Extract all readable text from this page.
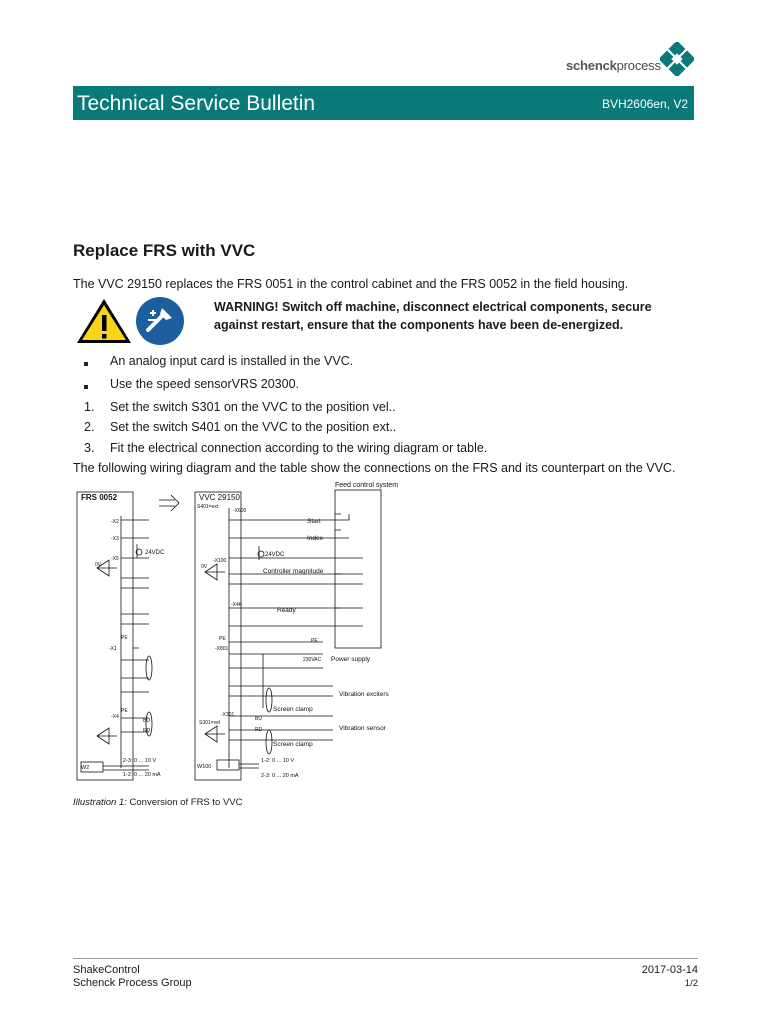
schenckprocess
Technical Service Bulletin	BVH2606en, V2
Replace FRS with VVC
The VVC 29150 replaces the FRS 0051 in the control cabinet and the FRS 0052 in the field housing.
WARNING! Switch off machine, disconnect electrical components, secure against restart, ensure that the components have been de-energized.
An analog input card is installed in the VVC.
Use the speed sensorVRS 20300.
1. Set the switch S301 on the VVC to the position vel..
2. Set the switch S401 on the VVC to the position ext..
3. Fit the electrical connection according to the wiring diagram or table.
The following wiring diagram and the table show the connections on the FRS and its counterpart on the VVC.
FRS 0052	VVC 29150
S401=ext
Feed control system
-X2
-X3
-X5
-X600
-X100
Start
Index
24VDC	24VDC
0V	0V
Controller magnitude
-X4K
Ready
PE
-X1
PE	PE
-X801
230VAC Power supply
Vibration exciters
Screen clamp
PE
-X4	-X301
S301=vel
BU
RD
BU
RD	Vibration sensor
Screen clamp
W2	W100
2-3: 0 ... 10 V
1-2: 0 ... 20 mA
1-2: 0 ... 10 V
2-3: 0 ... 20 mA
Illustration 1: Conversion of FRS to VVC
ShakeControl
Schenck Process Group
2017-03-14
1/2
